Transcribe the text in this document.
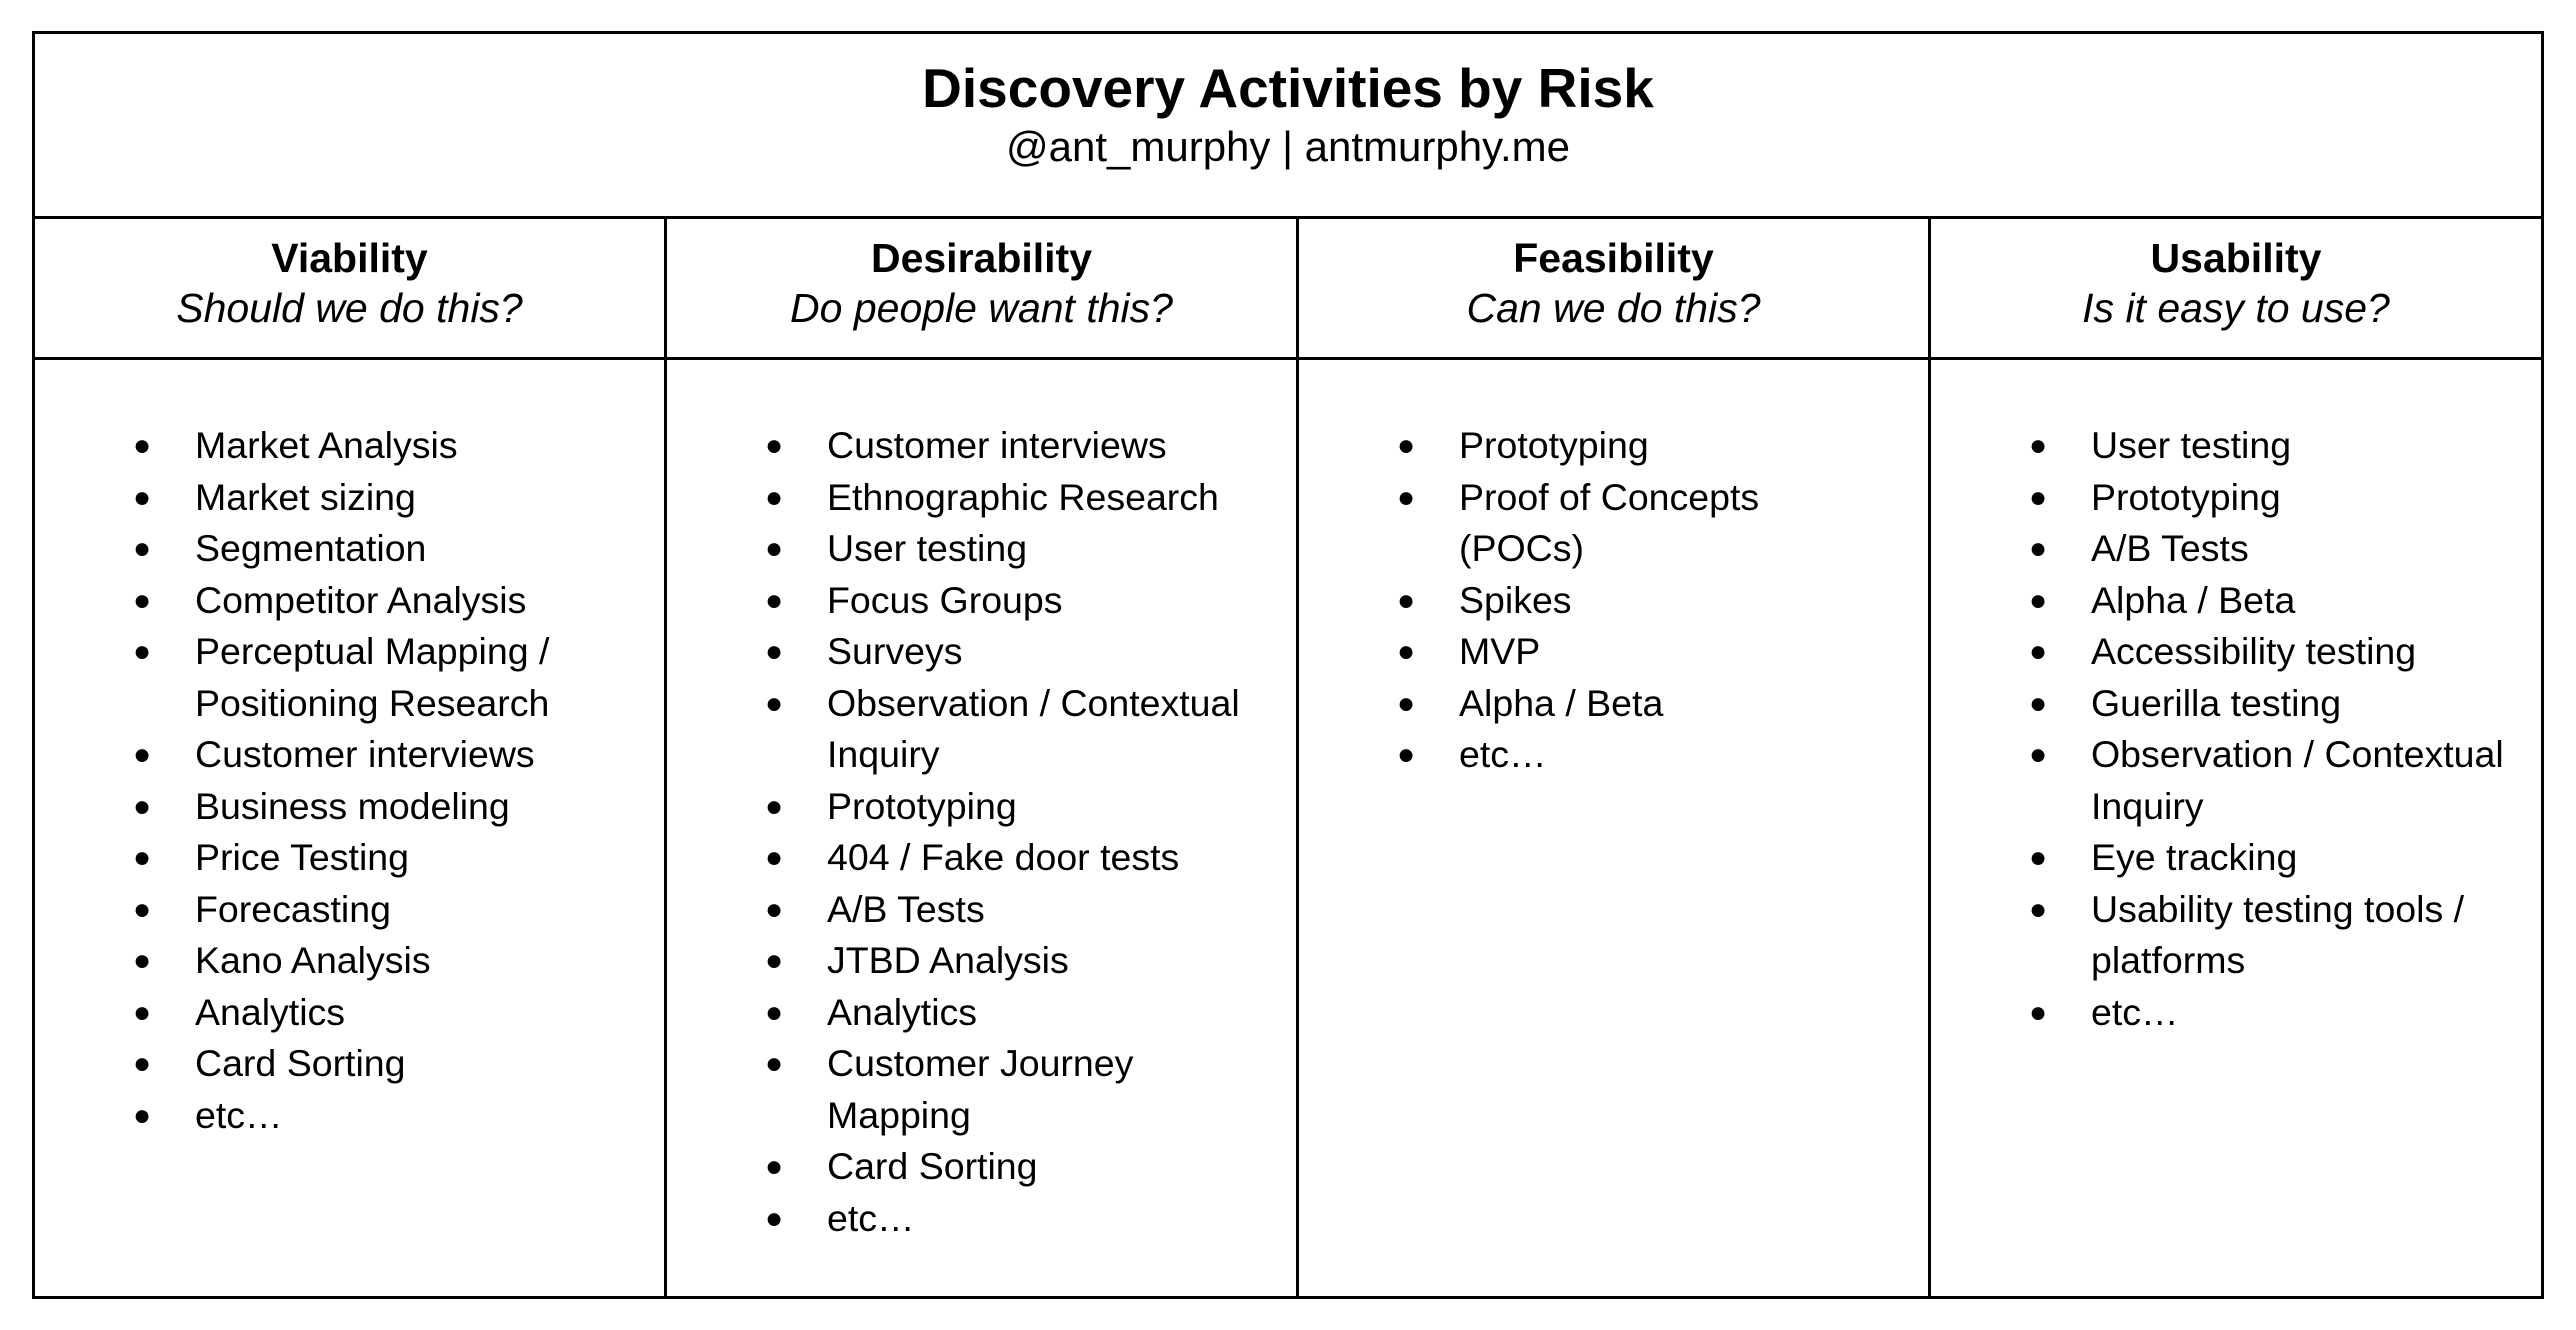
Discovery Activities by Risk
@ant_murphy | antmurphy.me
Viability
Should we do this?
Desirability
Do people want this?
Feasibility
Can we do this?
Usability
Is it easy to use?
● Market Analysis
● Market sizing
● Segmentation
● Competitor Analysis
● Perceptual Mapping /
Positioning Research
● Customer interviews
● Business modeling
● Price Testing
● Forecasting
● Kano Analysis
● Analytics
● Card Sorting
● etc…
● Customer interviews
● Ethnographic Research
● User testing
● Focus Groups
● Surveys
● Observation / Contextual
Inquiry
● Prototyping
● 404 / Fake door tests
● A/B Tests
● JTBD Analysis
● Analytics
● Customer Journey
Mapping
● Card Sorting
● etc…
● Prototyping
● Proof of Concepts
(POCs)
● Spikes
● MVP
● Alpha / Beta
● etc…
● User testing
● Prototyping
● A/B Tests
● Alpha / Beta
● Accessibility testing
● Guerilla testing
● Observation / Contextual
Inquiry
● Eye tracking
● Usability testing tools /
platforms
● etc…
